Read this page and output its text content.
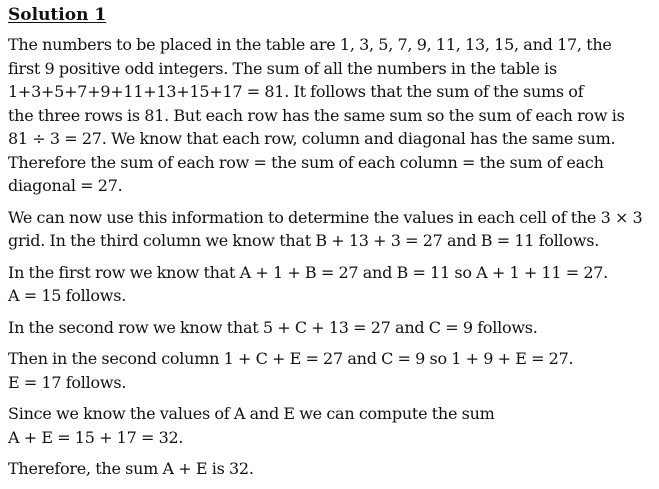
Solution 1
The numbers to be placed in the table are 1, 3, 5, 7, 9, 11, 13, 15, and 17, the
first 9 positive odd integers. The sum of all the numbers in the table is
1+3+5+7+9+11+13+15+17 = 81. It follows that the sum of the sums of
the three rows is 81. But each row has the same sum so the sum of each row is
81 ÷ 3 = 27. We know that each row, column and diagonal has the same sum.
Therefore the sum of each row = the sum of each column = the sum of each
diagonal = 27.
We can now use this information to determine the values in each cell of the 3 × 3
grid. In the third column we know that B + 13 + 3 = 27 and B = 11 follows.
In the first row we know that A + 1 + B = 27 and B = 11 so A + 1 + 11 = 27.
A = 15 follows.
In the second row we know that 5 + C + 13 = 27 and C = 9 follows.
Then in the second column 1 + C + E = 27 and C = 9 so 1 + 9 + E = 27.
E = 17 follows.
Since we know the values of A and E we can compute the sum
A + E = 15 + 17 = 32.
Therefore, the sum A + E is 32.
